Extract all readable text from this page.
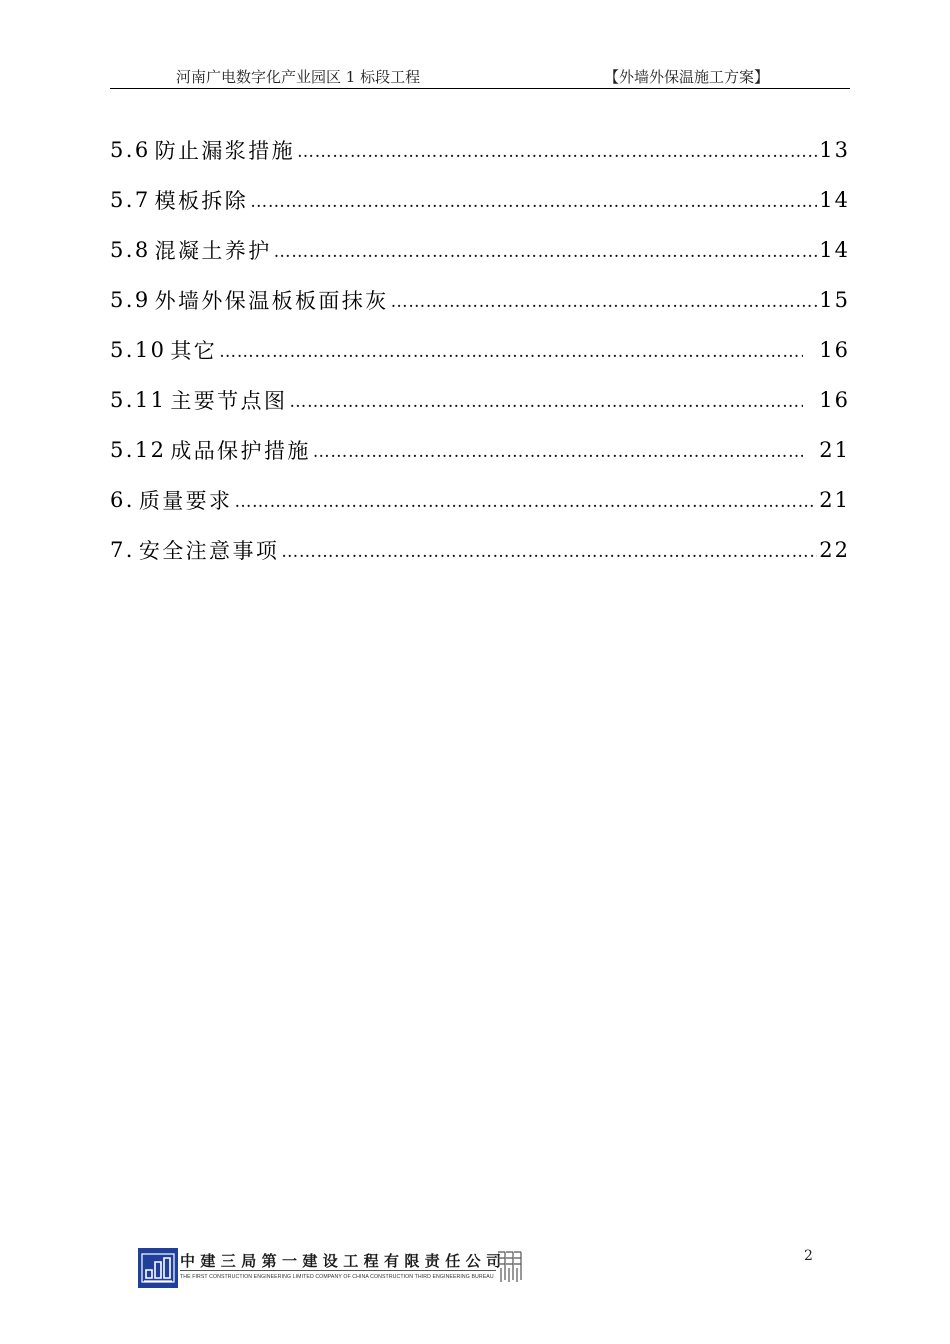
河南广电数字化产业园区 1 标段工程	【外墙外保温施工方案】
5.6 防止漏浆措施 …………………………………………………………………………………………………………………………………………………	13
5.7 模板拆除 …………………………………………………………………………………………………………………………………………………	14
5.8 混凝土养护 …………………………………………………………………………………………………………………………………………………	14
5.9 外墙外保温板板面抹灰 …………………………………………………………………………………………………………………………………………………	15
5.10 其它 …………………………………………………………………………………………………………………………………………………	16
5.11 主要节点图 …………………………………………………………………………………………………………………………………………………	16
5.12 成品保护措施 …………………………………………………………………………………………………………………………………………………	21
6. 质量要求 …………………………………………………………………………………………………………………………………………………	21
7. 安全注意事项 …………………………………………………………………………………………………………………………………………………	22
中建三局第一建设工程有限责任公司
THE FIRST CONSTRUCTION ENGINEERING LIMITED COMPANY OF CHINA CONSTRUCTION THIRD ENGINEERING BUREAU
2
